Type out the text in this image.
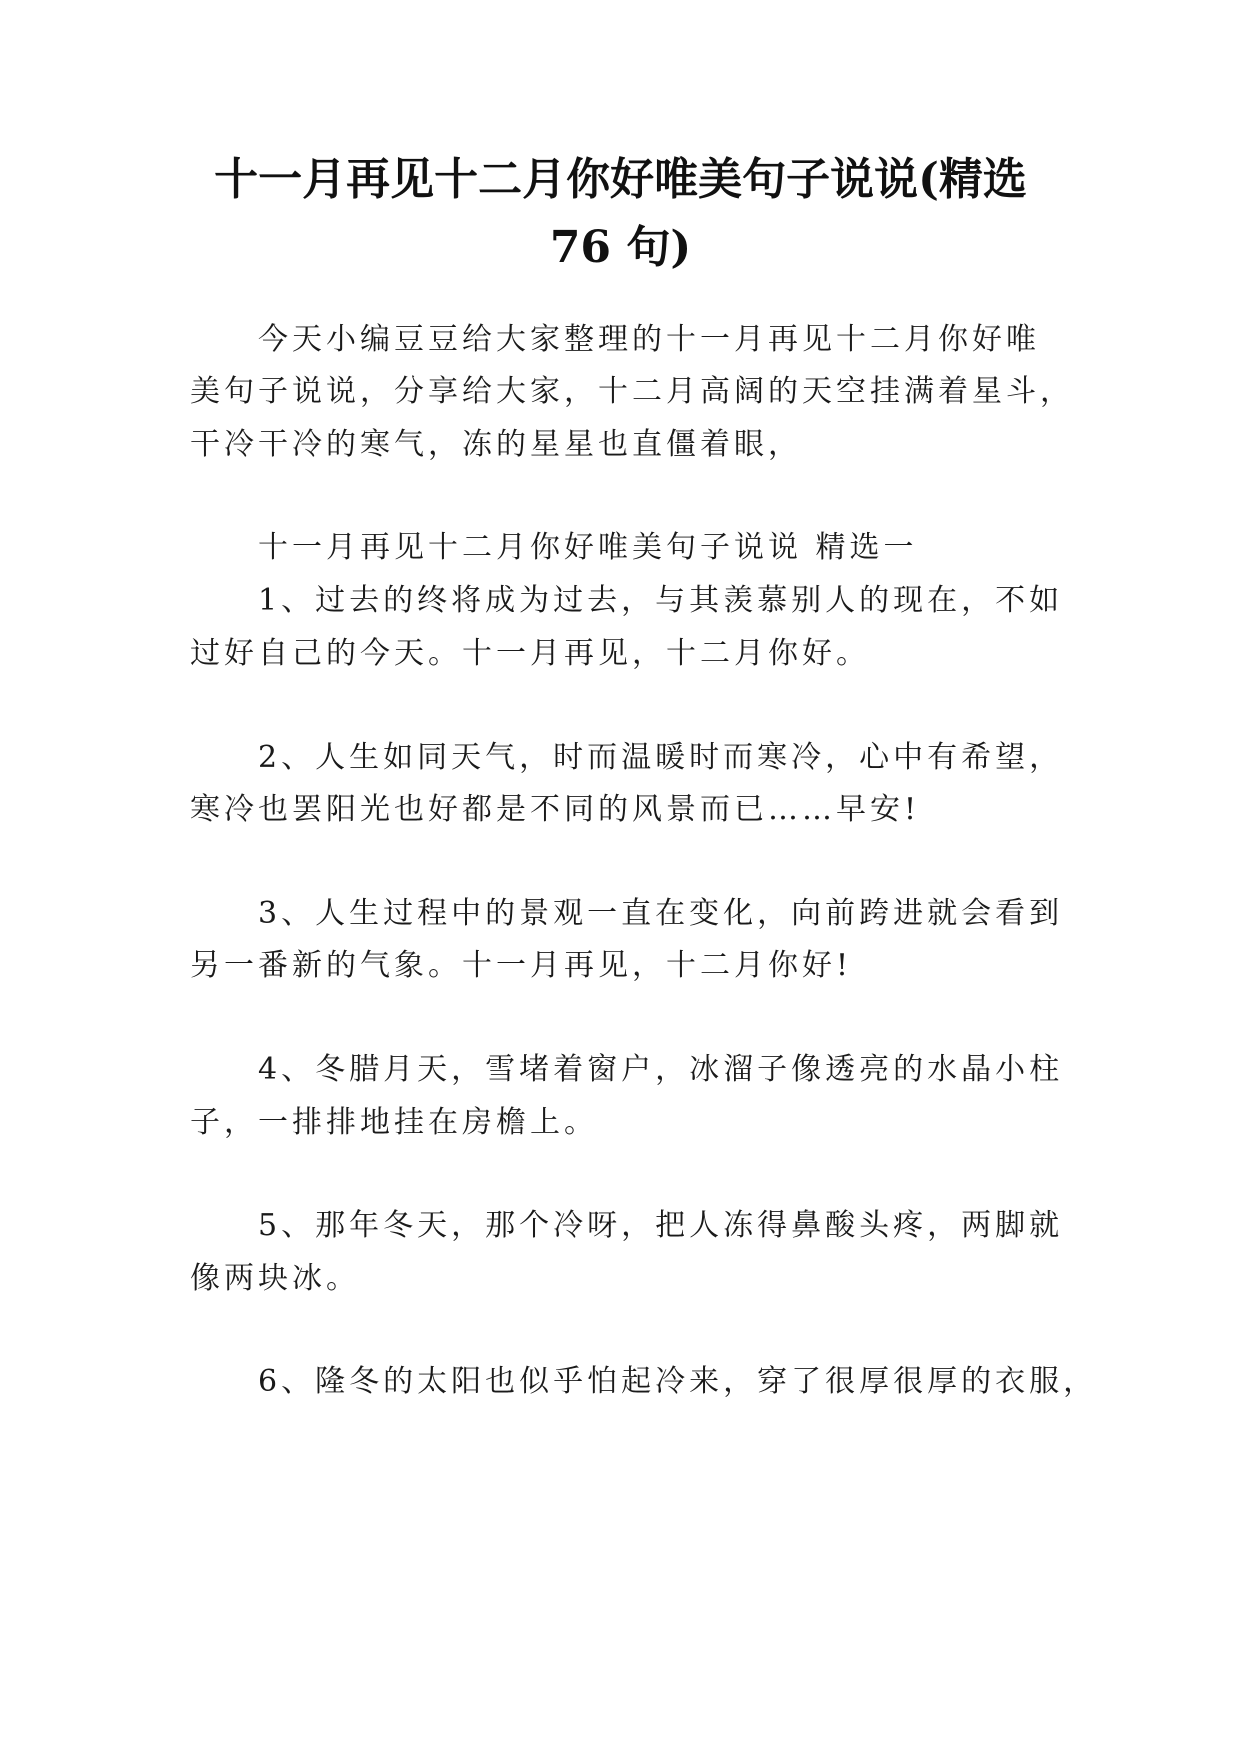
十一月再见十二月你好唯美句子说说(精选
76 句)
今天小编豆豆给大家整理的十一月再见十二月你好唯
美句子说说，分享给大家，十二月高阔的天空挂满着星斗，
干冷干冷的寒气，冻的星星也直僵着眼，
十一月再见十二月你好唯美句子说说 精选一
1、过去的终将成为过去，与其羡慕别人的现在，不如
过好自己的今天。十一月再见，十二月你好。
2、人生如同天气，时而温暖时而寒冷，心中有希望，
寒冷也罢阳光也好都是不同的风景而已……早安!
3、人生过程中的景观一直在变化，向前跨进就会看到
另一番新的气象。十一月再见，十二月你好!
4、冬腊月天，雪堵着窗户，冰溜子像透亮的水晶小柱
子，一排排地挂在房檐上。
5、那年冬天，那个冷呀，把人冻得鼻酸头疼，两脚就
像两块冰。
6、隆冬的太阳也似乎怕起冷来，穿了很厚很厚的衣服，
